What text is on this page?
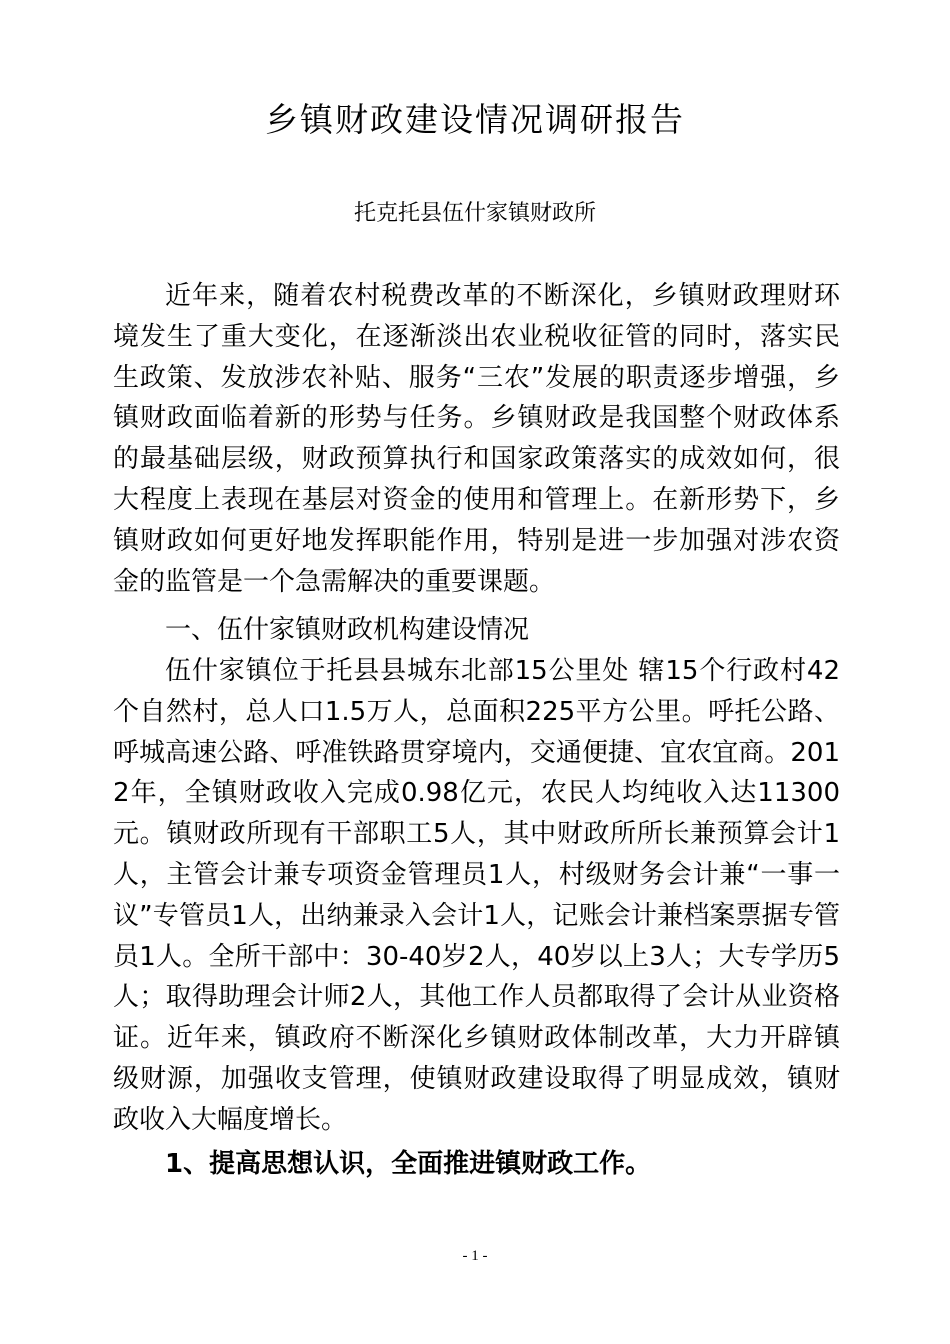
乡镇财政建设情况调研报告
托克托县伍什家镇财政所

近年来，随着农村税费改革的不断深化，乡镇财政理财环境发生了重大变化，在逐渐淡出农业税收征管的同时，落实民生政策、发放涉农补贴、服务“三农”发展的职责逐步增强，乡镇财政面临着新的形势与任务。乡镇财政是我国整个财政体系的最基础层级，财政预算执行和国家政策落实的成效如何，很大程度上表现在基层对资金的使用和管理上。在新形势下，乡镇财政如何更好地发挥职能作用，特别是进一步加强对涉农资金的监管是一个急需解决的重要课题。

一、伍什家镇财政机构建设情况

伍什家镇位于托县县城东北部15公里处 辖15个行政村42个自然村，总人口1.5万人，总面积225平方公里。呼托公路、呼城高速公路、呼准铁路贯穿境内，交通便捷、宜农宜商。2012年，全镇财政收入完成0.98亿元，农民人均纯收入达11300元。镇财政所现有干部职工5人，其中财政所所长兼预算会计1人，主管会计兼专项资金管理员1人，村级财务会计兼“一事一议”专管员1人，出纳兼录入会计1人，记账会计兼档案票据专管员1人。全所干部中：30-40岁2人，40岁以上3人；大专学历5人；取得助理会计师2人，其他工作人员都取得了会计从业资格证。近年来，镇政府不断深化乡镇财政体制改革，大力开辟镇级财源，加强收支管理，使镇财政建设取得了明显成效，镇财政收入大幅度增长。

1、提高思想认识，全面推进镇财政工作。

- 1 -
